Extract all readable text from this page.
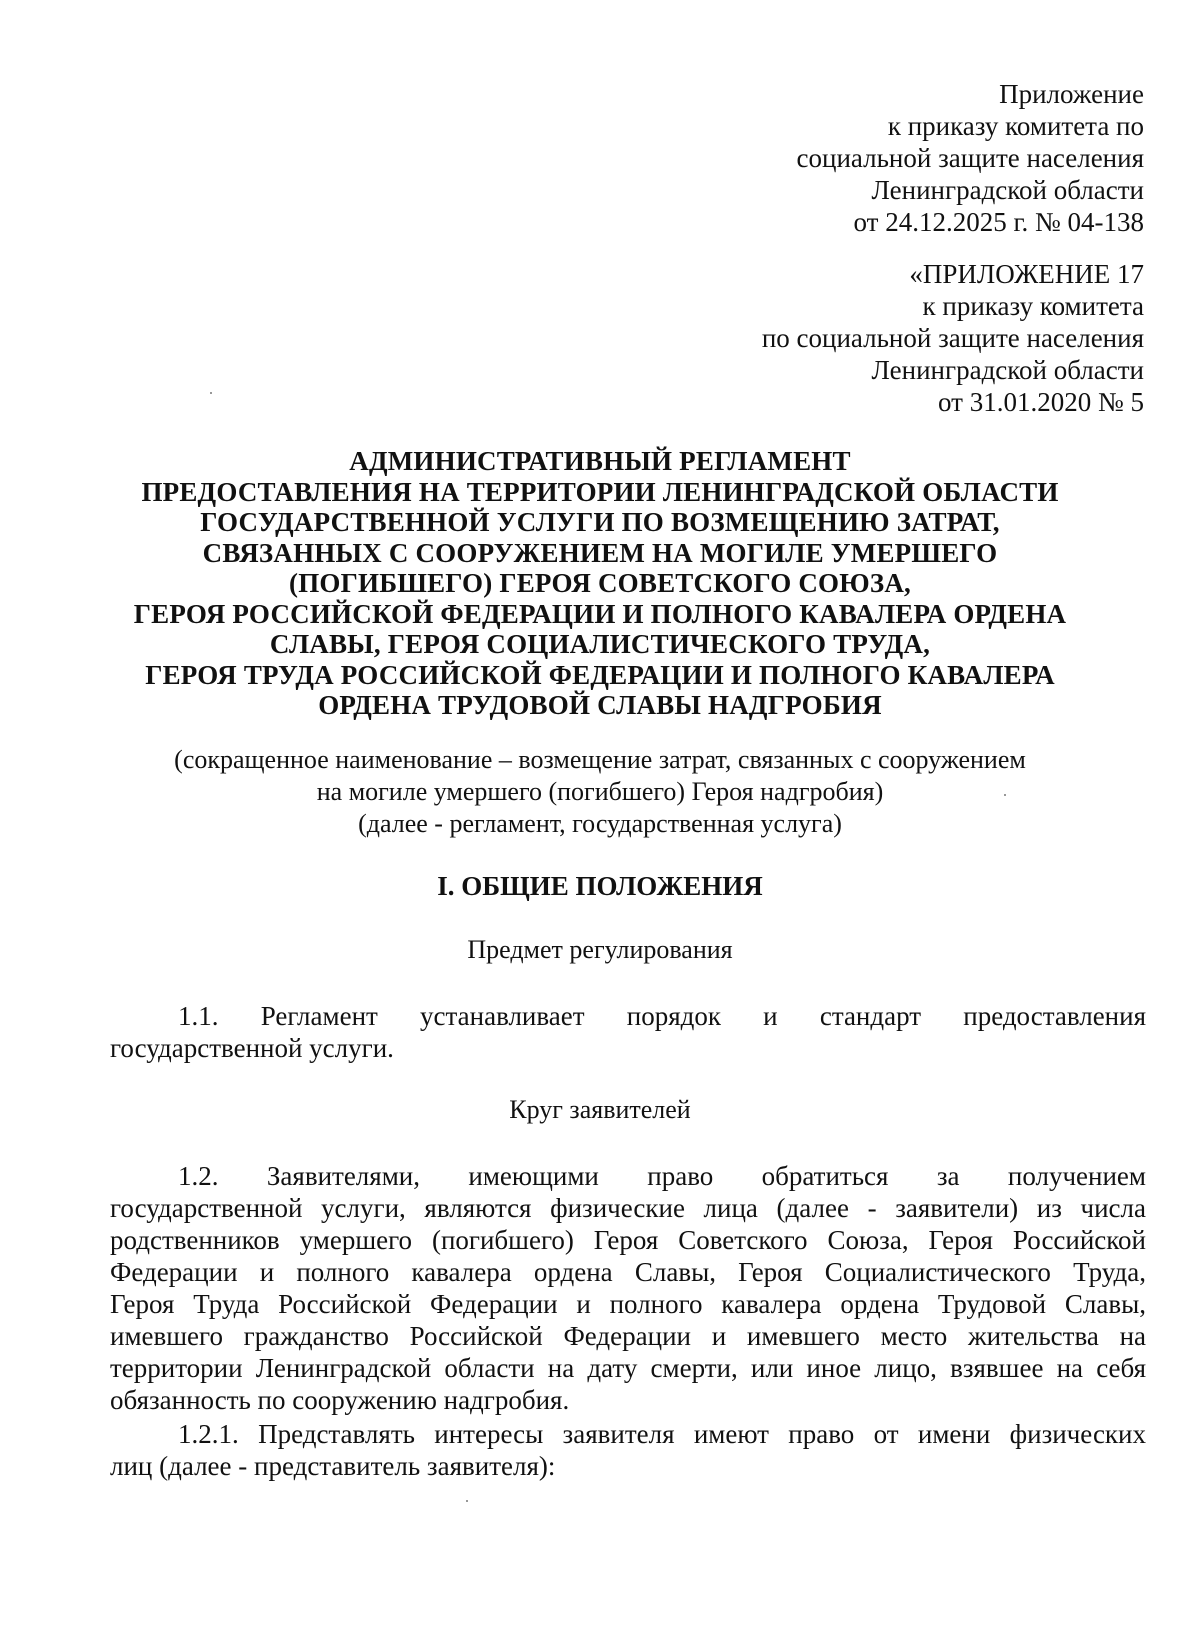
Приложение
к приказу комитета по
социальной защите населения
Ленинградской области
от 24.12.2025 г. № 04-138
«ПРИЛОЖЕНИЕ 17
к приказу комитета
по социальной защите населения
Ленинградской области
от 31.01.2020 № 5
АДМИНИСТРАТИВНЫЙ РЕГЛАМЕНТ
ПРЕДОСТАВЛЕНИЯ НА ТЕРРИТОРИИ ЛЕНИНГРАДСКОЙ ОБЛАСТИ
ГОСУДАРСТВЕННОЙ УСЛУГИ ПО ВОЗМЕЩЕНИЮ ЗАТРАТ,
СВЯЗАННЫХ С СООРУЖЕНИЕМ НА МОГИЛЕ УМЕРШЕГО
(ПОГИБШЕГО) ГЕРОЯ СОВЕТСКОГО СОЮЗА,
ГЕРОЯ РОССИЙСКОЙ ФЕДЕРАЦИИ И ПОЛНОГО КАВАЛЕРА ОРДЕНА
СЛАВЫ, ГЕРОЯ СОЦИАЛИСТИЧЕСКОГО ТРУДА,
ГЕРОЯ ТРУДА РОССИЙСКОЙ ФЕДЕРАЦИИ И ПОЛНОГО КАВАЛЕРА
ОРДЕНА ТРУДОВОЙ СЛАВЫ НАДГРОБИЯ
(сокращенное наименование – возмещение затрат, связанных с сооружением
на могиле умершего (погибшего) Героя надгробия)
(далее - регламент, государственная услуга)
I. ОБЩИЕ ПОЛОЖЕНИЯ
Предмет регулирования
1.1. Регламент устанавливает порядок и стандарт предоставления
государственной услуги.
Круг заявителей
1.2. Заявителями, имеющими право обратиться за получением
государственной услуги, являются физические лица (далее - заявители) из числа
родственников умершего (погибшего) Героя Советского Союза, Героя Российской
Федерации и полного кавалера ордена Славы, Героя Социалистического Труда,
Героя Труда Российской Федерации и полного кавалера ордена Трудовой Славы,
имевшего гражданство Российской Федерации и имевшего место жительства на
территории Ленинградской области на дату смерти, или иное лицо, взявшее на себя
обязанность по сооружению надгробия.
1.2.1. Представлять интересы заявителя имеют право от имени физических
лиц (далее - представитель заявителя):
